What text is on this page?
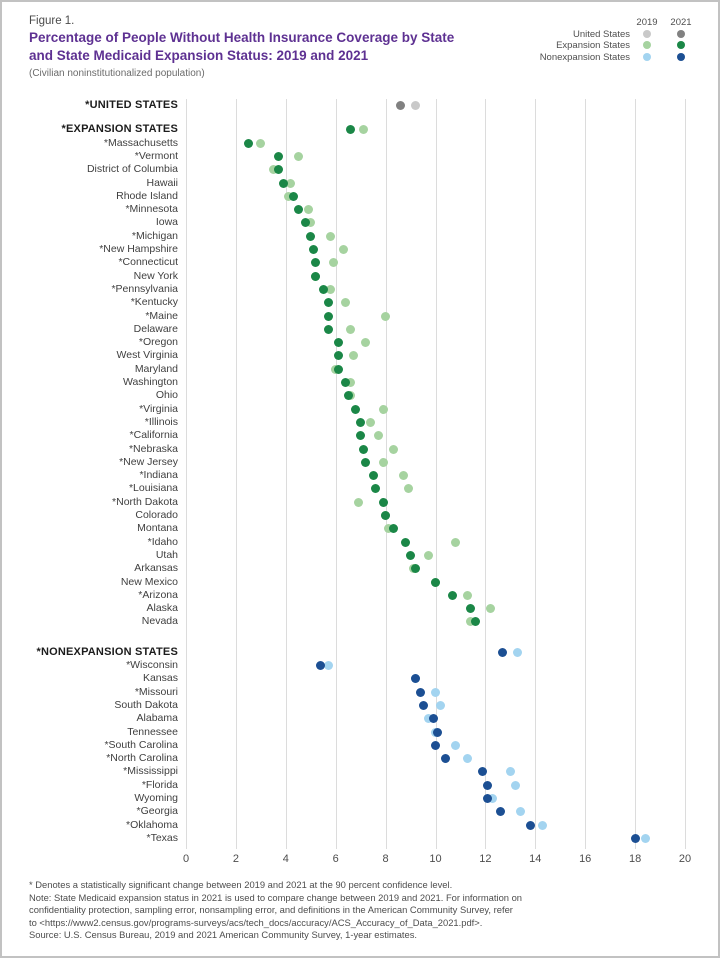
Figure 1.
Percentage of People Without Health Insurance Coverage by State
and State Medicaid Expansion Status: 2019 and 2021
(Civilian noninstitutionalized population)
2019	2021
United States
Expansion States
Nonexpansion States
0	2	4	6	8	10	12	14	16	18	20
*UNITED STATES
*EXPANSION STATES
*Massachusetts
*Vermont
District of Columbia
Hawaii
Rhode Island
*Minnesota
Iowa
*Michigan
*New Hampshire
*Connecticut
New York
*Pennsylvania
*Kentucky
*Maine
Delaware
*Oregon
West Virginia
Maryland
Washington
Ohio
*Virginia
*Illinois
*California
*Nebraska
*New Jersey
*Indiana
*Louisiana
*North Dakota
Colorado
Montana
*Idaho
Utah
Arkansas
New Mexico
*Arizona
Alaska
Nevada
*NONEXPANSION STATES
*Wisconsin
Kansas
*Missouri
South Dakota
Alabama
Tennessee
*South Carolina
*North Carolina
*Mississippi
*Florida
Wyoming
*Georgia
*Oklahoma
*Texas
* Denotes a statistically significant change between 2019 and 2021 at the 90 percent confidence level.
Note: State Medicaid expansion status in 2021 is used to compare change between 2019 and 2021. For information on
confidentiality protection, sampling error, nonsampling error, and definitions in the American Community Survey, refer
to <https://www2.census.gov/programs-surveys/acs/tech_docs/accuracy/ACS_Accuracy_of_Data_2021.pdf>.
Source: U.S. Census Bureau, 2019 and 2021 American Community Survey, 1-year estimates.
